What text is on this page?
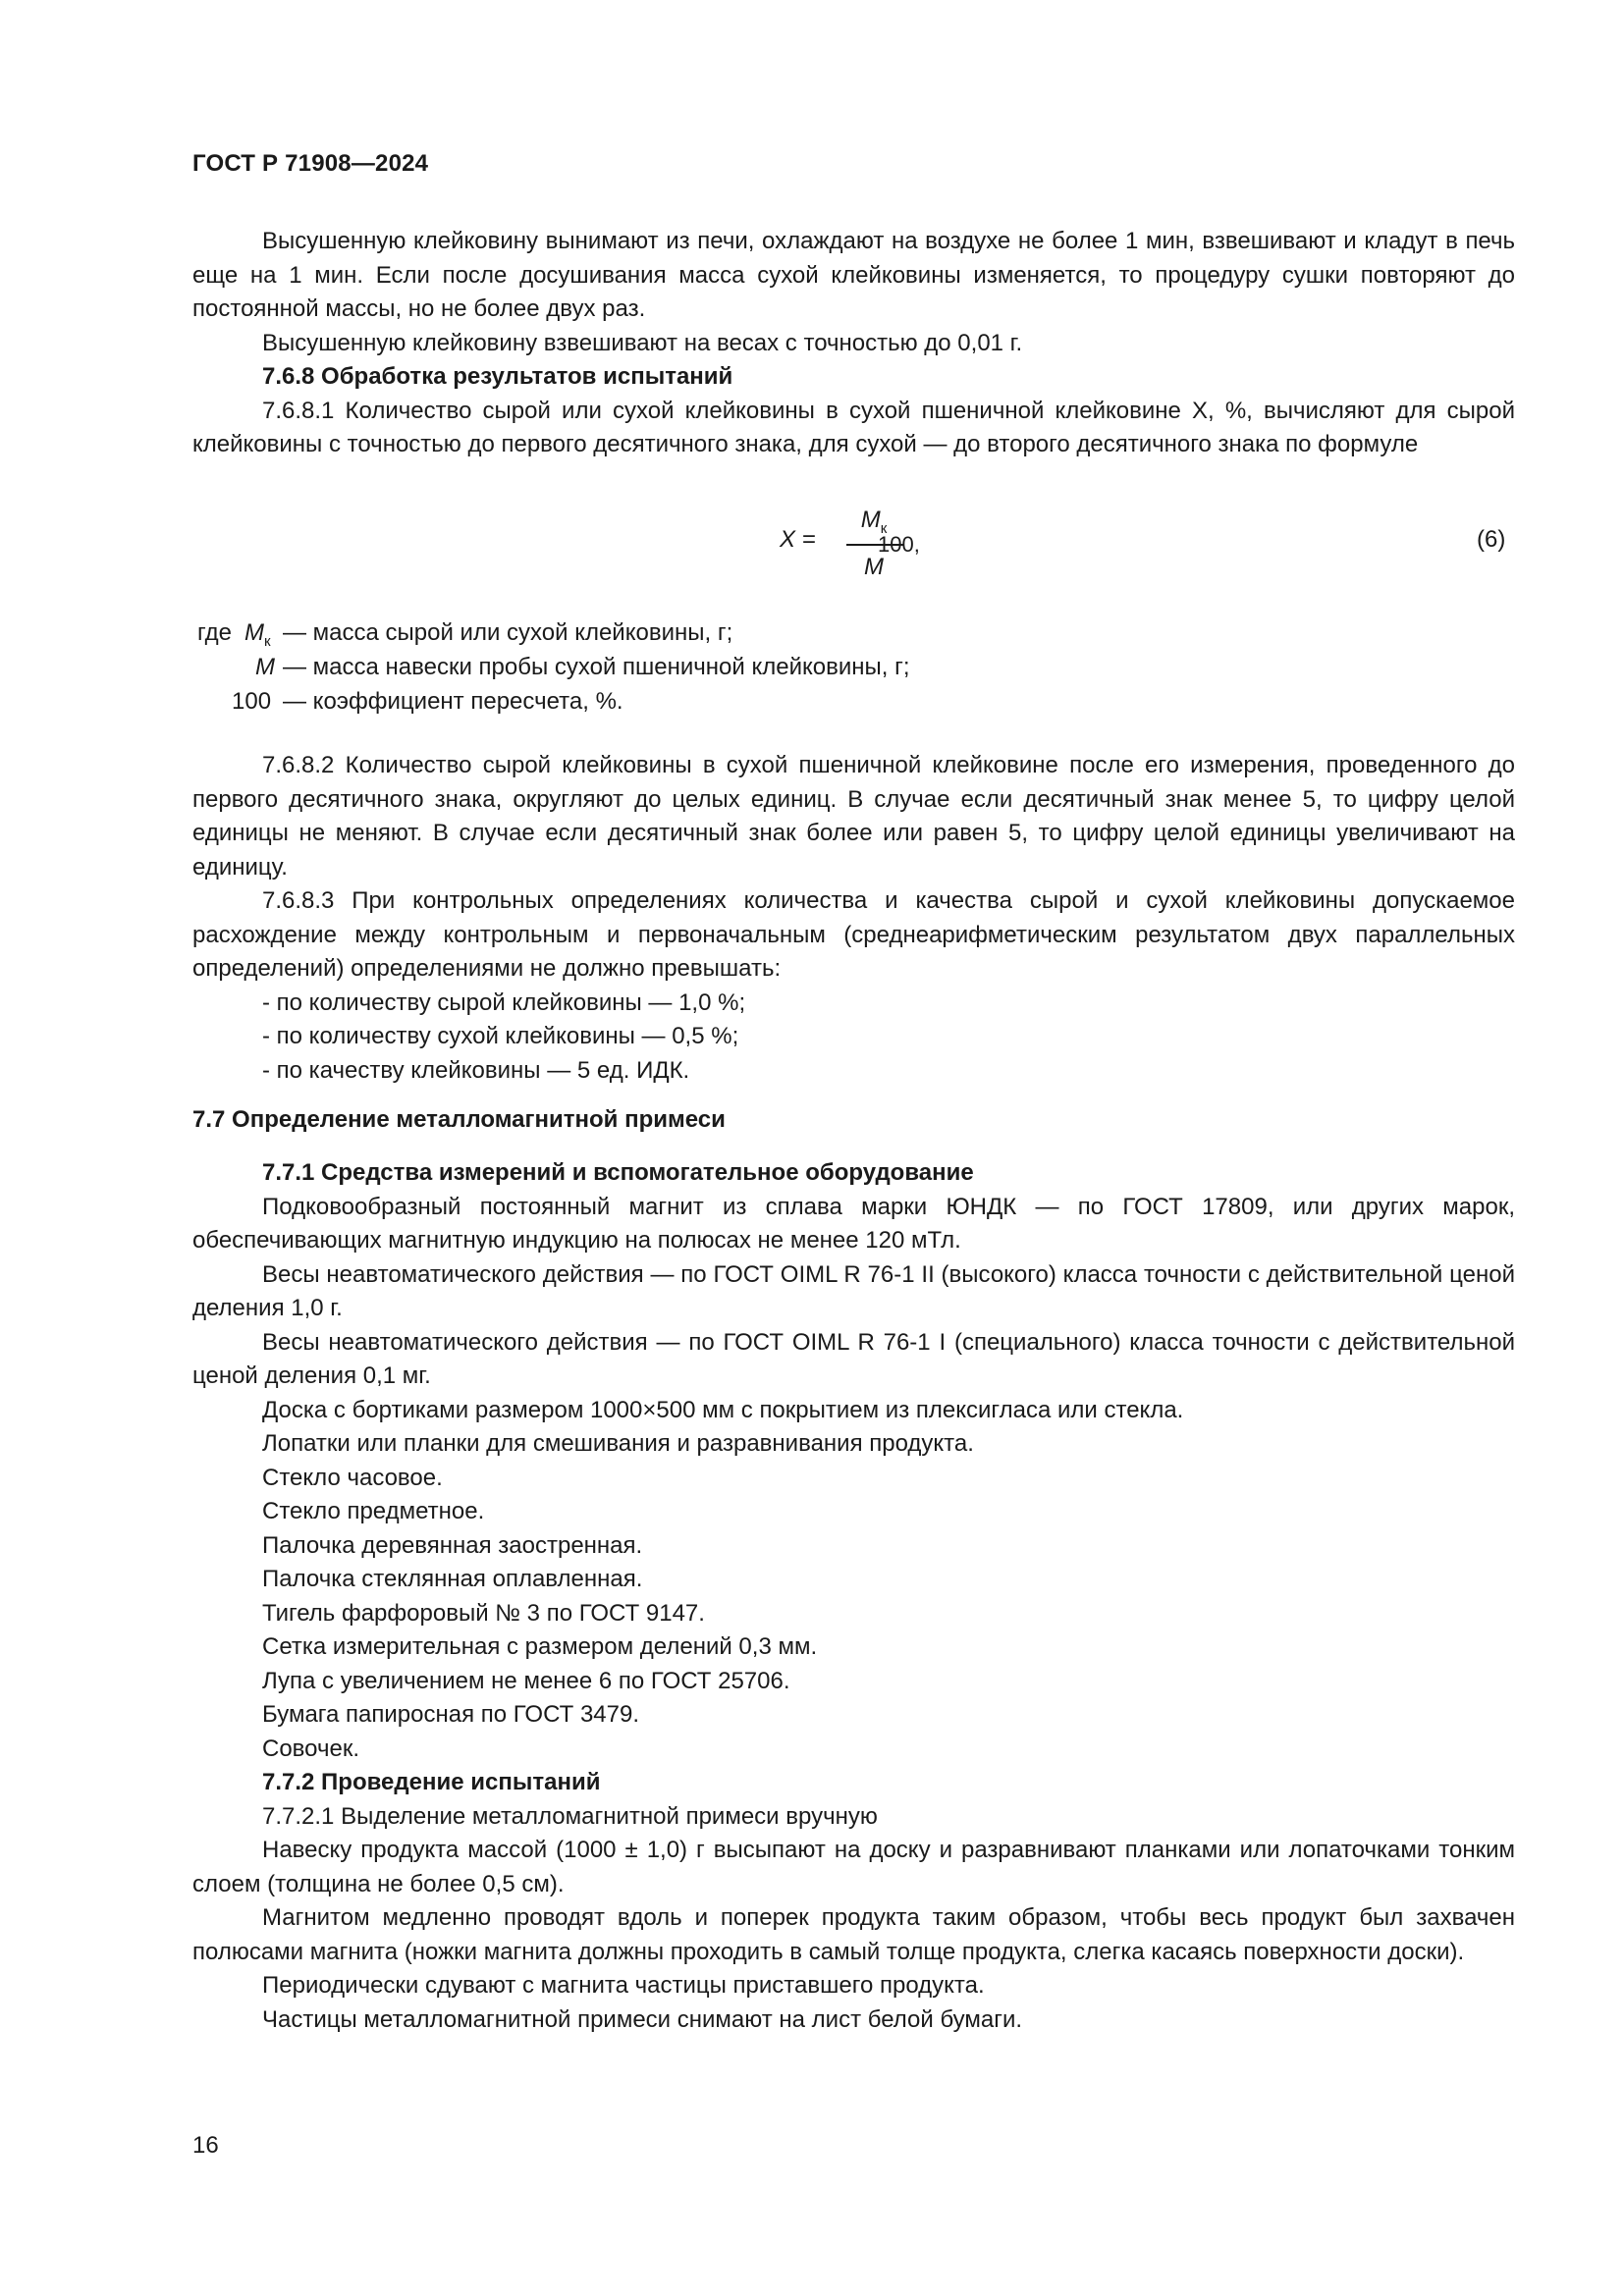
ГОСТ Р 71908—2024

Высушенную клейковину вынимают из печи, охлаждают на воздухе не более 1 мин, взвешивают и кладут в печь еще на 1 мин. Если после досушивания масса сухой клейковины изменяется, то процедуру сушки повторяют до постоянной массы, но не более двух раз.

Высушенную клейковину взвешивают на весах с точностью до 0,01 г.

7.6.8 Обработка результатов испытаний

7.6.8.1 Количество сырой или сухой клейковины в сухой пшеничной клейковине X, %, вычисляют для сырой клейковины с точностью до первого десятичного знака, для сухой — до второго десятичного знака по формуле

X =
$M_к$
M
100,	(6)
где $M_к$ — масса сырой или сухой клейковины, г;
M — масса навески пробы сухой пшеничной клейковины, г;
100 — коэффициент пересчета, %.

7.6.8.2 Количество сырой клейковины в сухой пшеничной клейковине после его измерения, проведенного до первого десятичного знака, округляют до целых единиц. В случае если десятичный знак менее 5, то цифру целой единицы не меняют. В случае если десятичный знак более или равен 5, то цифру целой единицы увеличивают на единицу.

7.6.8.3 При контрольных определениях количества и качества сырой и сухой клейковины допускаемое расхождение между контрольным и первоначальным (среднеарифметическим результатом двух параллельных определений) определениями не должно превышать:

- по количеству сырой клейковины — 1,0 %;
- по количеству сухой клейковины — 0,5 %;
- по качеству клейковины — 5 ед. ИДК.

7.7 Определение металломагнитной примеси

7.7.1 Средства измерений и вспомогательное оборудование

Подковообразный постоянный магнит из сплава марки ЮНДК — по ГОСТ 17809, или других марок, обеспечивающих магнитную индукцию на полюсах не менее 120 мТл.

Весы неавтоматического действия — по ГОСТ OIML R 76-1 II (высокого) класса точности с действительной ценой деления 1,0 г.

Весы неавтоматического действия — по ГОСТ OIML R 76-1 I (специального) класса точности с действительной ценой деления 0,1 мг.

Доска с бортиками размером 1000×500 мм с покрытием из плексигласа или стекла.

Лопатки или планки для смешивания и разравнивания продукта.

Стекло часовое.

Стекло предметное.

Палочка деревянная заостренная.

Палочка стеклянная оплавленная.

Тигель фарфоровый № 3 по ГОСТ 9147.

Сетка измерительная с размером делений 0,3 мм.

Лупа с увеличением не менее 6 по ГОСТ 25706.

Бумага папиросная по ГОСТ 3479.

Совочек.

7.7.2 Проведение испытаний

7.7.2.1 Выделение металломагнитной примеси вручную

Навеску продукта массой (1000 ± 1,0) г высыпают на доску и разравнивают планками или лопаточками тонким слоем (толщина не более 0,5 см).

Магнитом медленно проводят вдоль и поперек продукта таким образом, чтобы весь продукт был захвачен полюсами магнита (ножки магнита должны проходить в самый толще продукта, слегка касаясь поверхности доски).

Периодически сдувают с магнита частицы приставшего продукта.

Частицы металломагнитной примеси снимают на лист белой бумаги.

16
